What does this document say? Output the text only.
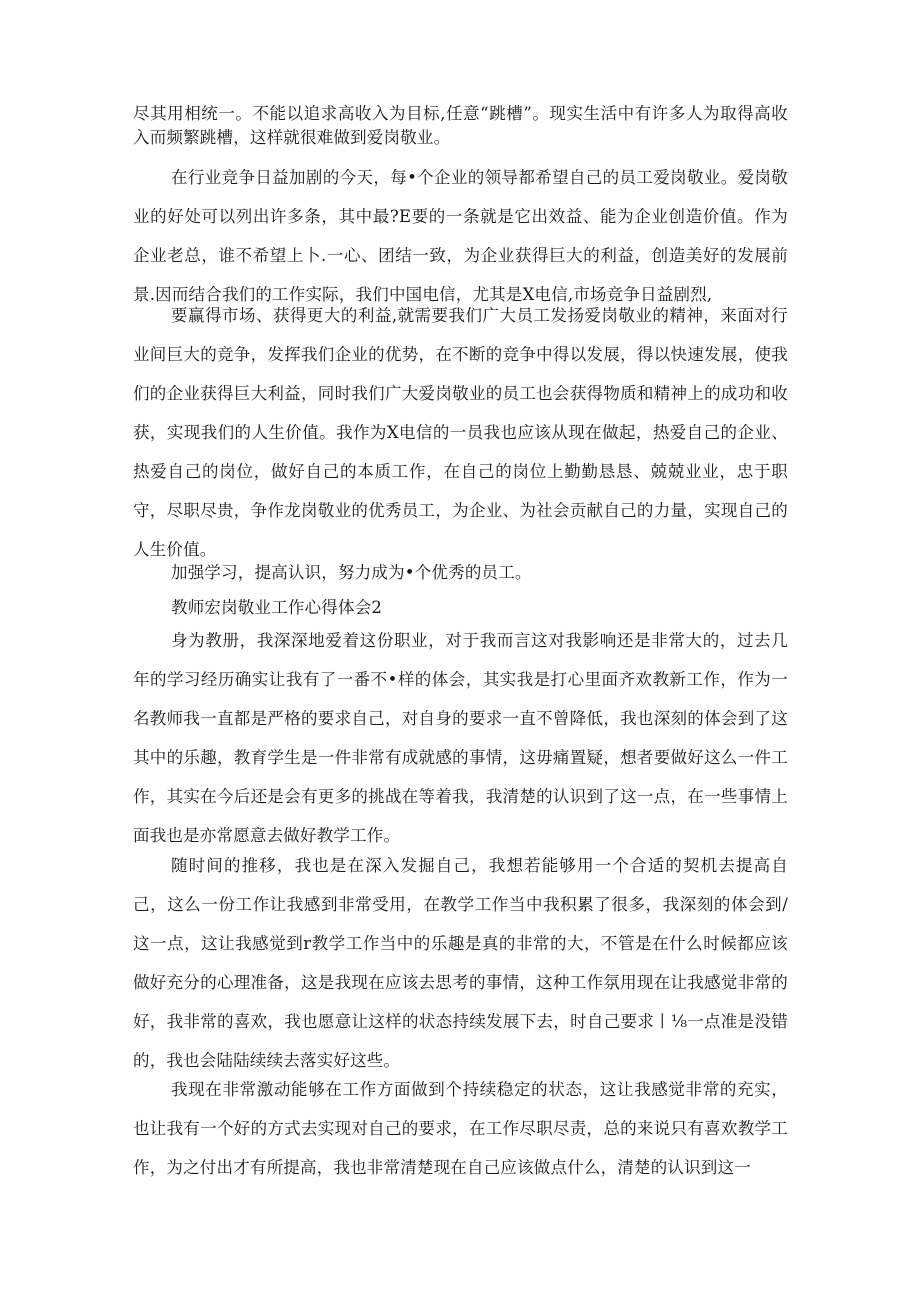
尽其用相统一。不能以追求高收入为目标,任意“跳槽”。现实生活中有许多人为取得高收入而频繁跳槽，这样就很难做到爱岗敬业。

在行业竞争日益加剧的今天，每•个企业的领导都希望自己的员工爱岗敬业。爱岗敬业的好处可以列出许多条，其中最?E要的一条就是它出效益、能为企业创造价值。作为企业老总，谁不希望上卜.一心、团结一致，为企业获得巨大的利益，创造美好的发展前景.因而结合我们的工作实际，我们中国电信，尤其是X电信,市场竞争日益剧烈,

要赢得市场、获得更大的利益,就需要我们广大员工发扬爱岗敬业的精神，来面对行业间巨大的竞争，发挥我们企业的优势，在不断的竞争中得以发展，得以快速发展，使我们的企业获得巨大利益，同时我们广大爱岗敬业的员工也会获得物质和精神上的成功和收获，实现我们的人生价值。我作为X电信的一员我也应该从现在做起，热爱自己的企业、热爱自己的岗位，做好自己的本质工作，在自己的岗位上勤勤恳恳、兢兢业业，忠于职守，尽职尽贵，争作龙岗敬业的优秀员工，为企业、为社会贡献自己的力量，实现自己的人生价值。

加强学习，提高认识，努力成为•个优秀的员工。

教师宏岗敬业工作心得体会2

身为教册，我深深地爱着这份职业，对于我而言这对我影响还是非常大的，过去几年的学习经历确实让我有了一番不•样的体会，其实我是打心里面齐欢教新工作，作为一名教师我一直都是严格的要求自己，对自身的要求一直不曾降低，我也深刻的体会到了这其中的乐趣，教育学生是一件非常有成就感的事情，这毋痛置疑，想者要做好这么一件工作，其实在今后还是会有更多的挑战在等着我，我清楚的认识到了这一点，在一些事情上面我也是亦常愿意去做好教学工作。

随时间的推移，我也是在深入发掘自己，我想若能够用一个合适的契机去提高自己，这么一份工作让我感到非常受用，在教学工作当中我积累了很多，我深刻的体会到/这一点，这让我感觉到r教学工作当中的乐趣是真的非常的大，不管是在什么时候都应该做好充分的心理准备，这是我现在应该去思考的事情，这种工作氛用现在让我感觉非常的好，我非常的喜欢，我也愿意让这样的状态持续发展下去，时自己要求丨⅛一点准是没错的，我也会陆陆续续去落实好这些。

我现在非常激动能够在工作方面做到个持续稳定的状态，这让我感觉非常的充实，也让我有一个好的方式去实现对自己的要求，在工作尽职尽责，总的来说只有喜欢教学工作，为之付出才有所提高，我也非常清楚现在自己应该做点什么，清楚的认识到这一
